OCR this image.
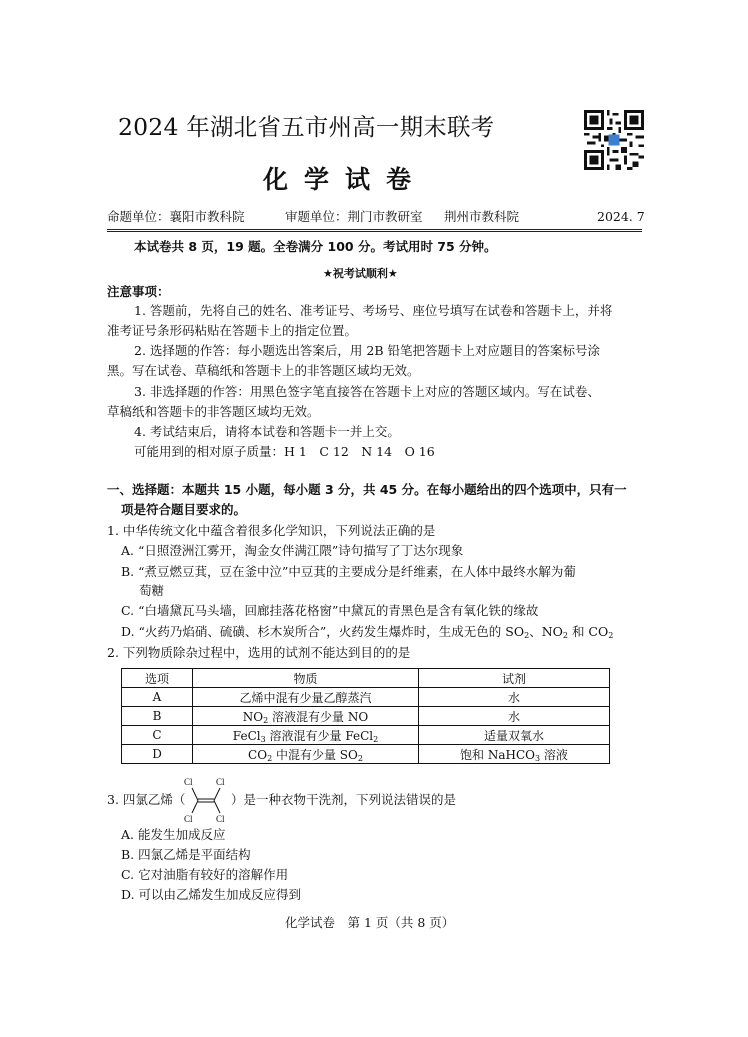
2024 年湖北省五市州高一期末联考
化学试卷
命题单位：襄阳市教科院	审题单位：荆门市教研室 荆州市教科院	2024. 7
本试卷共 8 页，19 题。全卷满分 100 分。考试用时 75 分钟。
★祝考试顺利★
注意事项：
1. 答题前，先将自己的姓名、准考证号、考场号、座位号填写在试卷和答题卡上，并将
准考证号条形码粘贴在答题卡上的指定位置。
2. 选择题的作答：每小题选出答案后，用 2B 铅笔把答题卡上对应题目的答案标号涂
黑。写在试卷、草稿纸和答题卡上的非答题区域均无效。
3. 非选择题的作答：用黑色签字笔直接答在答题卡上对应的答题区域内。写在试卷、
草稿纸和答题卡的非答题区域均无效。
4. 考试结束后，请将本试卷和答题卡一并上交。
可能用到的相对原子质量：H 1　C 12　N 14　O 16
一、选择题：本题共 15 小题，每小题 3 分，共 45 分。在每小题给出的四个选项中，只有一
项是符合题目要求的。
1. 中华传统文化中蕴含着很多化学知识，下列说法正确的是
A. “日照澄洲江雾开，淘金女伴满江隈”诗句描写了丁达尔现象
B. “煮豆燃豆萁，豆在釜中泣”中豆萁的主要成分是纤维素，在人体中最终水解为葡
萄糖
C. “白墙黛瓦马头墙，回廊挂落花格窗”中黛瓦的青黑色是含有氧化铁的缘故
D. “火药乃焰硝、硫磺、杉木炭所合”，火药发生爆炸时，生成无色的 $SO_2$、$NO_2$ 和 $CO_2$
2. 下列物质除杂过程中，选用的试剂不能达到目的的是
选项	物质	试剂
A	乙烯中混有少量乙醇蒸汽	水
B	$NO_2$ 溶液混有少量 NO	水
C	FeCl$_3$ 溶液混有少量 FeCl$_2$	适量双氧水
D	$CO_2$ 中混有少量 $SO_2$	饱和 NaHCO$_3$ 溶液
3. 四氯乙烯（
Cl	Cl
Cl	Cl
）是一种衣物干洗剂，下列说法错误的是
A. 能发生加成反应
B. 四氯乙烯是平面结构
C. 它对油脂有较好的溶解作用
D. 可以由乙烯发生加成反应得到
化学试卷　第 1 页（共 8 页）
